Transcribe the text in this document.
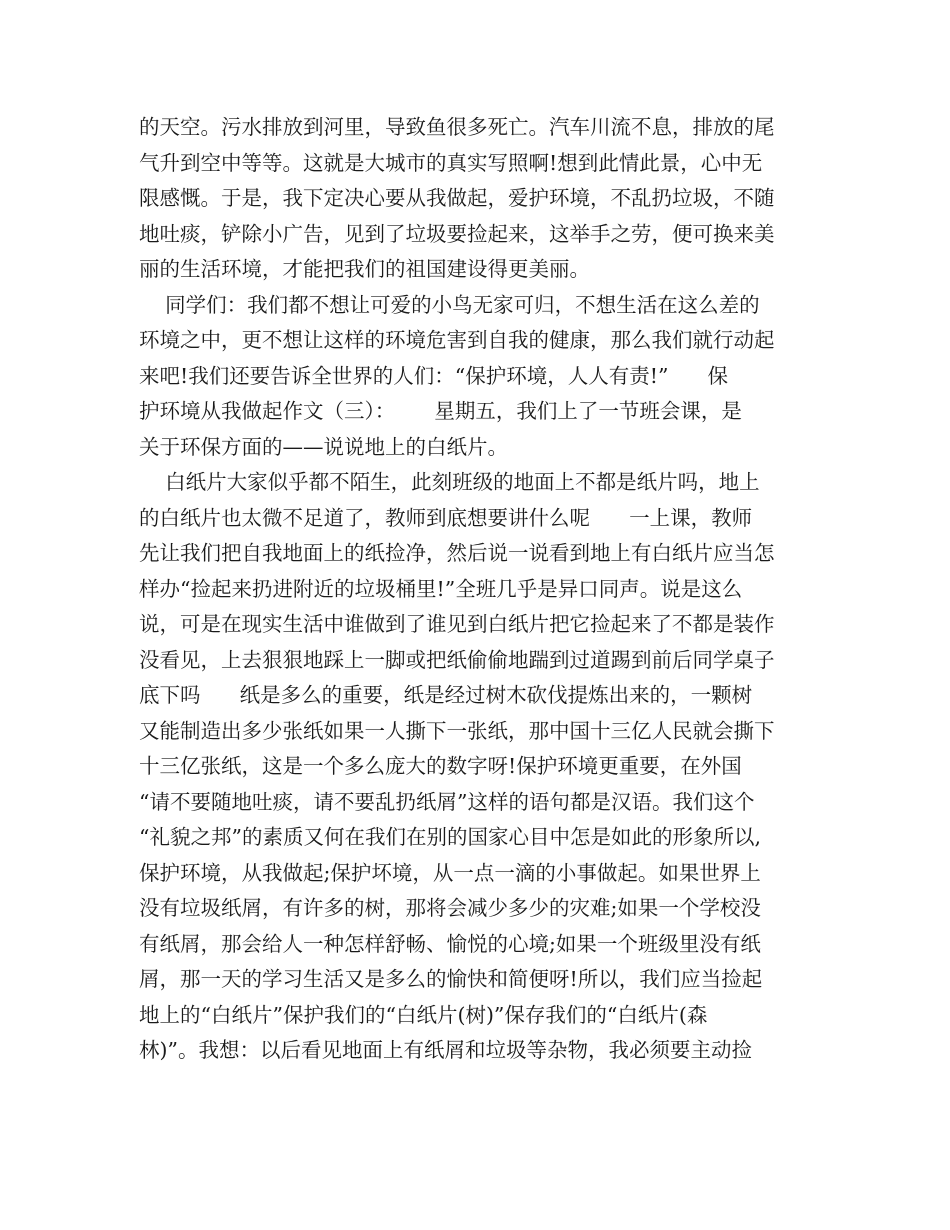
的天空。污水排放到河里，导致鱼很多死亡。汽车川流不息，排放的尾
气升到空中等等。这就是大城市的真实写照啊!想到此情此景，心中无
限感慨。于是，我下定决心要从我做起，爱护环境，不乱扔垃圾，不随
地吐痰，铲除小广告，见到了垃圾要捡起来，这举手之劳，便可换来美
丽的生活环境，才能把我们的祖国建设得更美丽。
同学们：我们都不想让可爱的小鸟无家可归，不想生活在这么差的
环境之中，更不想让这样的环境危害到自我的健康，那么我们就行动起
来吧!我们还要告诉全世界的人们：“保护环境，人人有责!”      保
护环境从我做起作文（三）：      星期五，我们上了一节班会课，是
关于环保方面的——说说地上的白纸片。
白纸片大家似乎都不陌生，此刻班级的地面上不都是纸片吗，地上
的白纸片也太微不足道了，教师到底想要讲什么呢      一上课，教师
先让我们把自我地面上的纸捡净，然后说一说看到地上有白纸片应当怎
样办“捡起来扔进附近的垃圾桶里!”全班几乎是异口同声。说是这么
说，可是在现实生活中谁做到了谁见到白纸片把它捡起来了不都是装作
没看见，上去狠狠地踩上一脚或把纸偷偷地踹到过道踢到前后同学桌子
底下吗      纸是多么的重要，纸是经过树木砍伐提炼出来的，一颗树
又能制造出多少张纸如果一人撕下一张纸，那中国十三亿人民就会撕下
十三亿张纸，这是一个多么庞大的数字呀!保护环境更重要，在外国
“请不要随地吐痰，请不要乱扔纸屑”这样的语句都是汉语。我们这个
“礼貌之邦”的素质又何在我们在别的国家心目中怎是如此的形象所以,
保护环境，从我做起;保护坏境，从一点一滴的小事做起。如果世界上
没有垃圾纸屑，有许多的树，那将会减少多少的灾难;如果一个学校没
有纸屑，那会给人一种怎样舒畅、愉悦的心境;如果一个班级里没有纸
屑，那一天的学习生活又是多么的愉快和简便呀!所以，我们应当捡起
地上的“白纸片”保护我们的“白纸片(树)”保存我们的“白纸片(森
林)”。我想：以后看见地面上有纸屑和垃圾等杂物，我必须要主动捡
